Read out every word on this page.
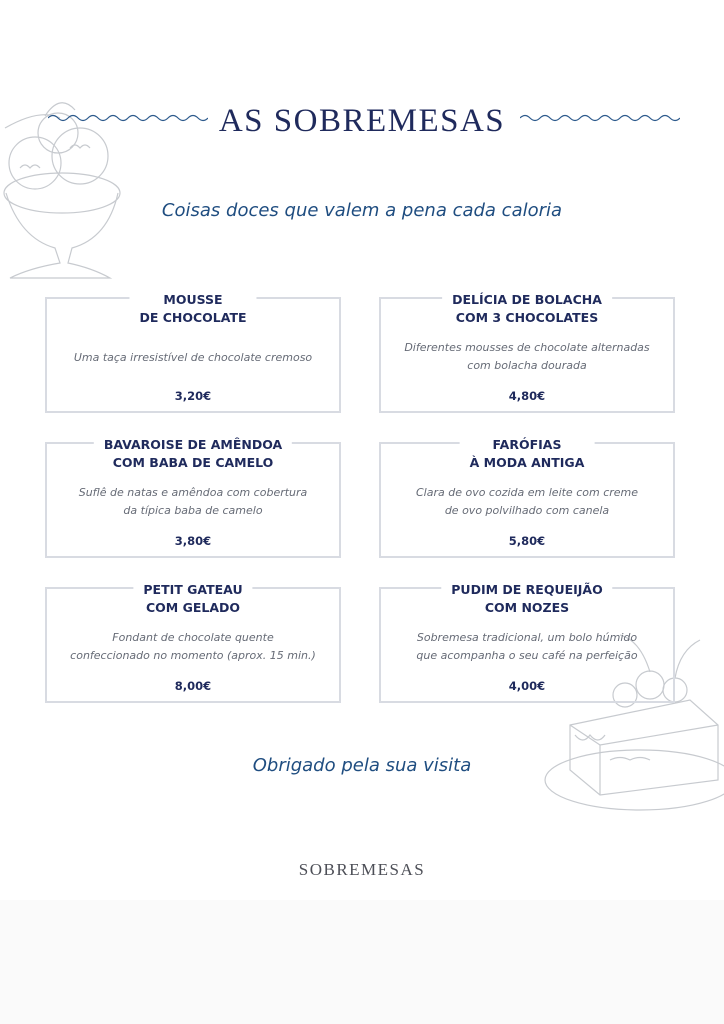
AS SOBREMESAS
Coisas doces que valem a pena cada caloria
MOUSSE
DE CHOCOLATE
Uma taça irresistível de chocolate cremoso
3,20€
DELÍCIA DE BOLACHA
COM 3 CHOCOLATES
Diferentes mousses de chocolate alternadas
com bolacha dourada
4,80€
BAVAROISE DE AMÊNDOA
COM BABA DE CAMELO
Suflê de natas e amêndoa com cobertura
da típica baba de camelo
3,80€
FARÓFIAS
À MODA ANTIGA
Clara de ovo cozida em leite com creme
de ovo polvilhado com canela
5,80€
PETIT GATEAU
COM GELADO
Fondant de chocolate quente
confeccionado no momento (aprox. 15 min.)
8,00€
PUDIM DE REQUEIJÃO
COM NOZES
Sobremesa tradicional, um bolo húmido
que acompanha o seu café na perfeição
4,00€
Obrigado pela sua visita
SOBREMESAS
